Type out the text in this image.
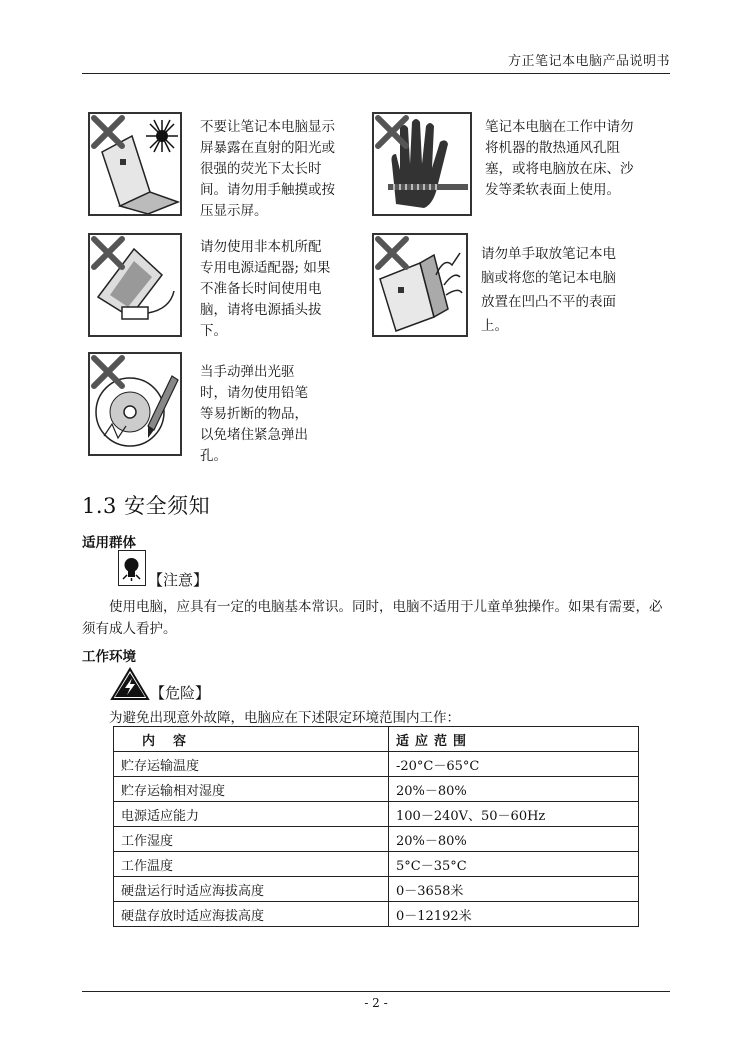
方正笔记本电脑产品说明书
不要让笔记本电脑显示
屏暴露在直射的阳光或
很强的荧光下太长时
间。请勿用手触摸或按
压显示屏。
笔记本电脑在工作中请勿
将机器的散热通风孔阻
塞，或将电脑放在床、沙
发等柔软表面上使用。
请勿使用非本机所配
专用电源适配器; 如果
不准备长时间使用电
脑，请将电源插头拔
下。
请勿单手取放笔记本电
脑或将您的笔记本电脑
放置在凹凸不平的表面
上。
当手动弹出光驱
时，请勿使用铅笔
等易折断的物品，
以免堵住紧急弹出
孔。
1.3 安全须知
适用群体
【注意】
使用电脑，应具有一定的电脑基本常识。同时，电脑不适用于儿童单独操作。如果有需要，必须有成人看护。
工作环境
【危险】
为避免出现意外故障，电脑应在下述限定环境范围内工作：
内容	适应范围
贮存运输温度	-20°C－65°C
贮存运输相对湿度	20%－80%
电源适应能力	100－240V、50－60Hz
工作湿度	20%－80%
工作温度	5°C－35°C
硬盘运行时适应海拔高度	0－3658米
硬盘存放时适应海拔高度	0－12192米
- 2 -
